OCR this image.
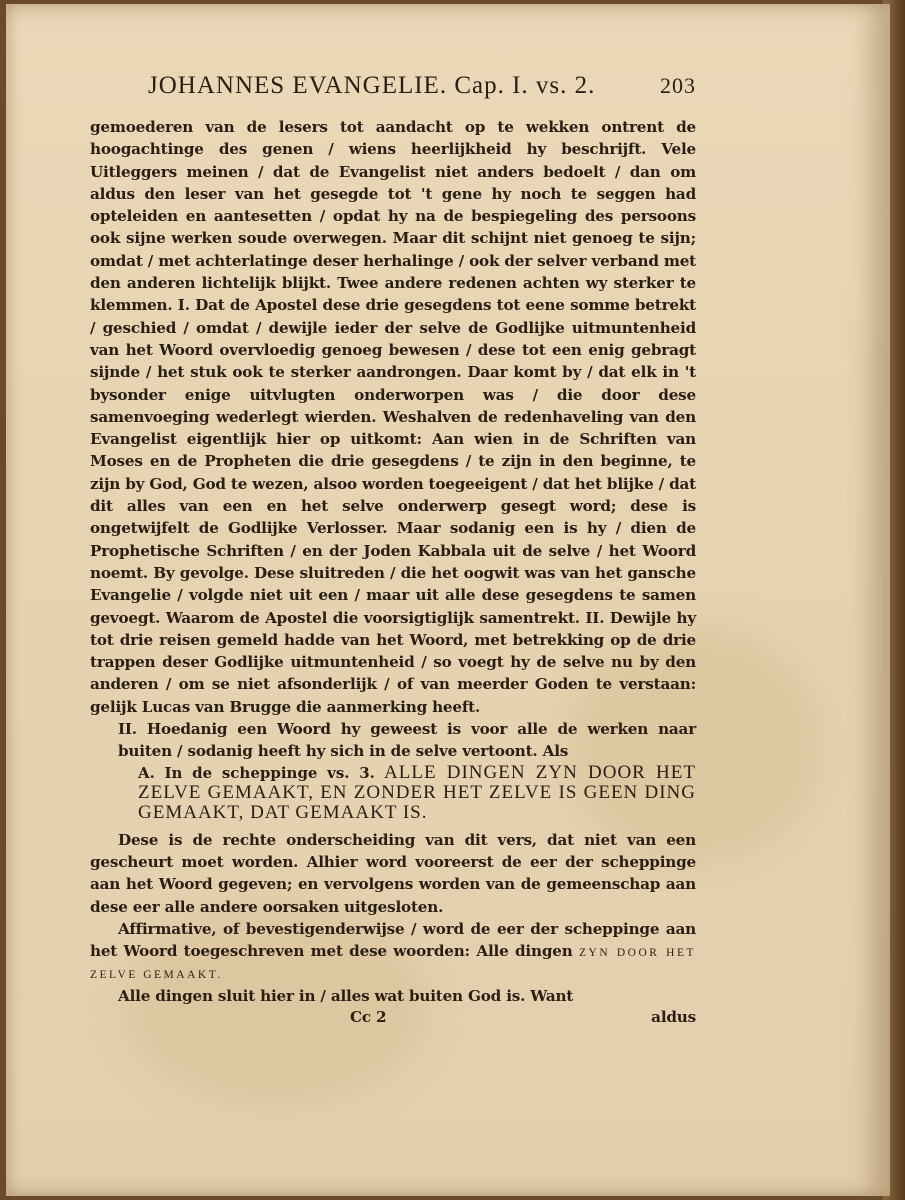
JOHANNES EVANGELIE. Cap. I. vs. 2.	203

gemoederen van de lesers tot aandacht op te wekken ontrent de hoogachtinge des genen / wiens heerlijkheid hy beschrijft. Vele Uitleggers meinen / dat de Evangelist niet anders bedoelt / dan om aldus den leser van het gesegde tot 't gene hy noch te seggen had opteleiden en aantesetten / opdat hy na de bespiegeling des persoons ook sijne werken soude overwegen. Maar dit schijnt niet genoeg te sijn; omdat / met achterlatinge deser herhalinge / ook der selver verband met den anderen lichtelijk blijkt. Twee andere redenen achten wy sterker te klemmen. I. Dat de Apostel dese drie gesegdens tot eene somme betrekt / geschied / omdat / dewijle ieder der selve de Godlijke uitmuntenheid van het Woord overvloedig genoeg bewesen / dese tot een enig gebragt sijnde / het stuk ook te sterker aandrongen. Daar komt by / dat elk in 't bysonder enige uitvlugten onderworpen was / die door dese samenvoeging wederlegt wierden. Weshalven de redenhaveling van den Evangelist eigentlijk hier op uitkomt: Aan wien in de Schriften van Moses en de Propheten die drie gesegdens / te zijn in den beginne, te zijn by God, God te wezen, alsoo worden toegeeigent / dat het blijke / dat dit alles van een en het selve onderwerp gesegt word; dese is ongetwijfelt de Godlijke Verlosser. Maar sodanig een is hy / dien de Prophetische Schriften / en der Joden Kabbala uit de selve / het Woord noemt. By gevolge. Dese sluitreden / die het oogwit was van het gansche Evangelie / volgde niet uit een / maar uit alle dese gesegdens te samen gevoegt. Waarom de Apostel die voorsigtiglijk samentrekt. II. Dewijle hy tot drie reisen gemeld hadde van het Woord, met betrekking op de drie trappen deser Godlijke uitmuntenheid / so voegt hy de selve nu by den anderen / om se niet afsonderlijk / of van meerder Goden te verstaan: gelijk Lucas van Brugge die aanmerking heeft.

II. Hoedanig een Woord hy geweest is voor alle de werken naar buiten / sodanig heeft hy sich in de selve vertoont. Als

A. In de scheppinge vs. 3. ALLE DINGEN ZYN DOOR HET ZELVE GEMAAKT, EN ZONDER HET ZELVE IS GEEN DING GEMAAKT, DAT GEMAAKT IS.

Dese is de rechte onderscheiding van dit vers, dat niet van een gescheurt moet worden. Alhier word vooreerst de eer der scheppinge aan het Woord gegeven; en vervolgens worden van de gemeenschap aan dese eer alle andere oorsaken uitgesloten.

Affirmative, of bevestigenderwijse / word de eer der scheppinge aan het Woord toegeschreven met dese woorden: Alle dingen ZYN DOOR HET ZELVE GEMAAKT.

Alle dingen sluit hier in / alles wat buiten God is. Want

Cc 2	aldus
